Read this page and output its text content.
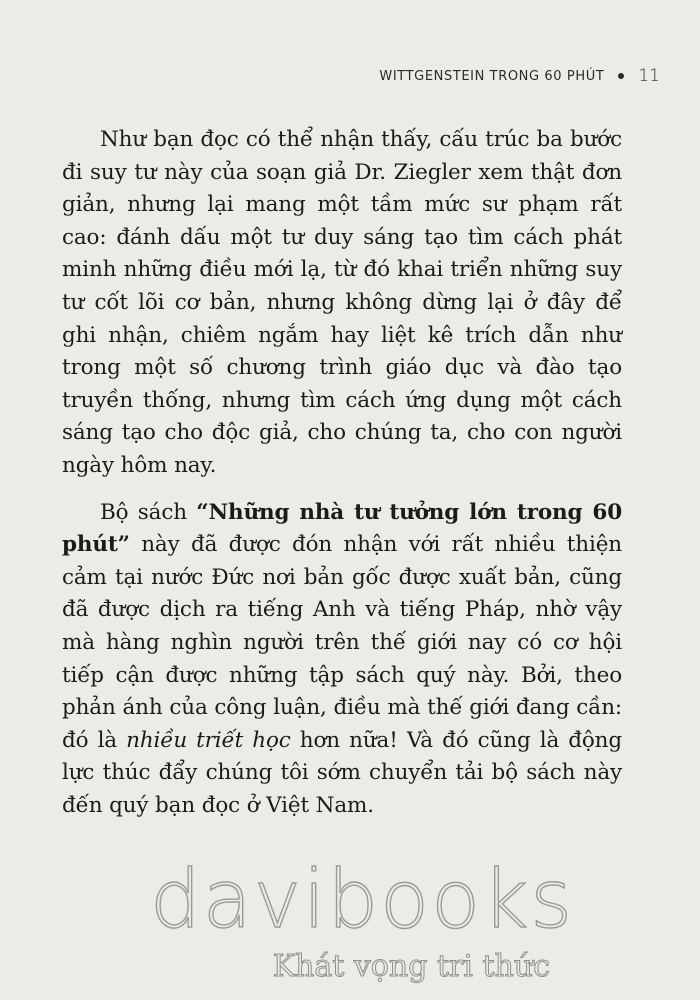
WITTGENSTEIN TRONG 60 PHÚT 11

Như bạn đọc có thể nhận thấy, cấu trúc ba bước đi suy tư này của soạn giả Dr. Ziegler xem thật đơn giản, nhưng lại mang một tầm mức sư phạm rất cao: đánh dấu một tư duy sáng tạo tìm cách phát minh những điều mới lạ, từ đó khai triển những suy tư cốt lõi cơ bản, nhưng không dừng lại ở đây để ghi nhận, chiêm ngắm hay liệt kê trích dẫn như trong một số chương trình giáo dục và đào tạo truyền thống, nhưng tìm cách ứng dụng một cách sáng tạo cho độc giả, cho chúng ta, cho con người ngày hôm nay.

Bộ sách “Những nhà tư tưởng lớn trong 60 phút” này đã được đón nhận với rất nhiều thiện cảm tại nước Đức nơi bản gốc được xuất bản, cũng đã được dịch ra tiếng Anh và tiếng Pháp, nhờ vậy mà hàng nghìn người trên thế giới nay có cơ hội tiếp cận được những tập sách quý này. Bởi, theo phản ánh của công luận, điều mà thế giới đang cần: đó là nhiều triết học hơn nữa! Và đó cũng là động lực thúc đẩy chúng tôi sớm chuyển tải bộ sách này đến quý bạn đọc ở Việt Nam.

davibooks
Khát vọng tri thức
